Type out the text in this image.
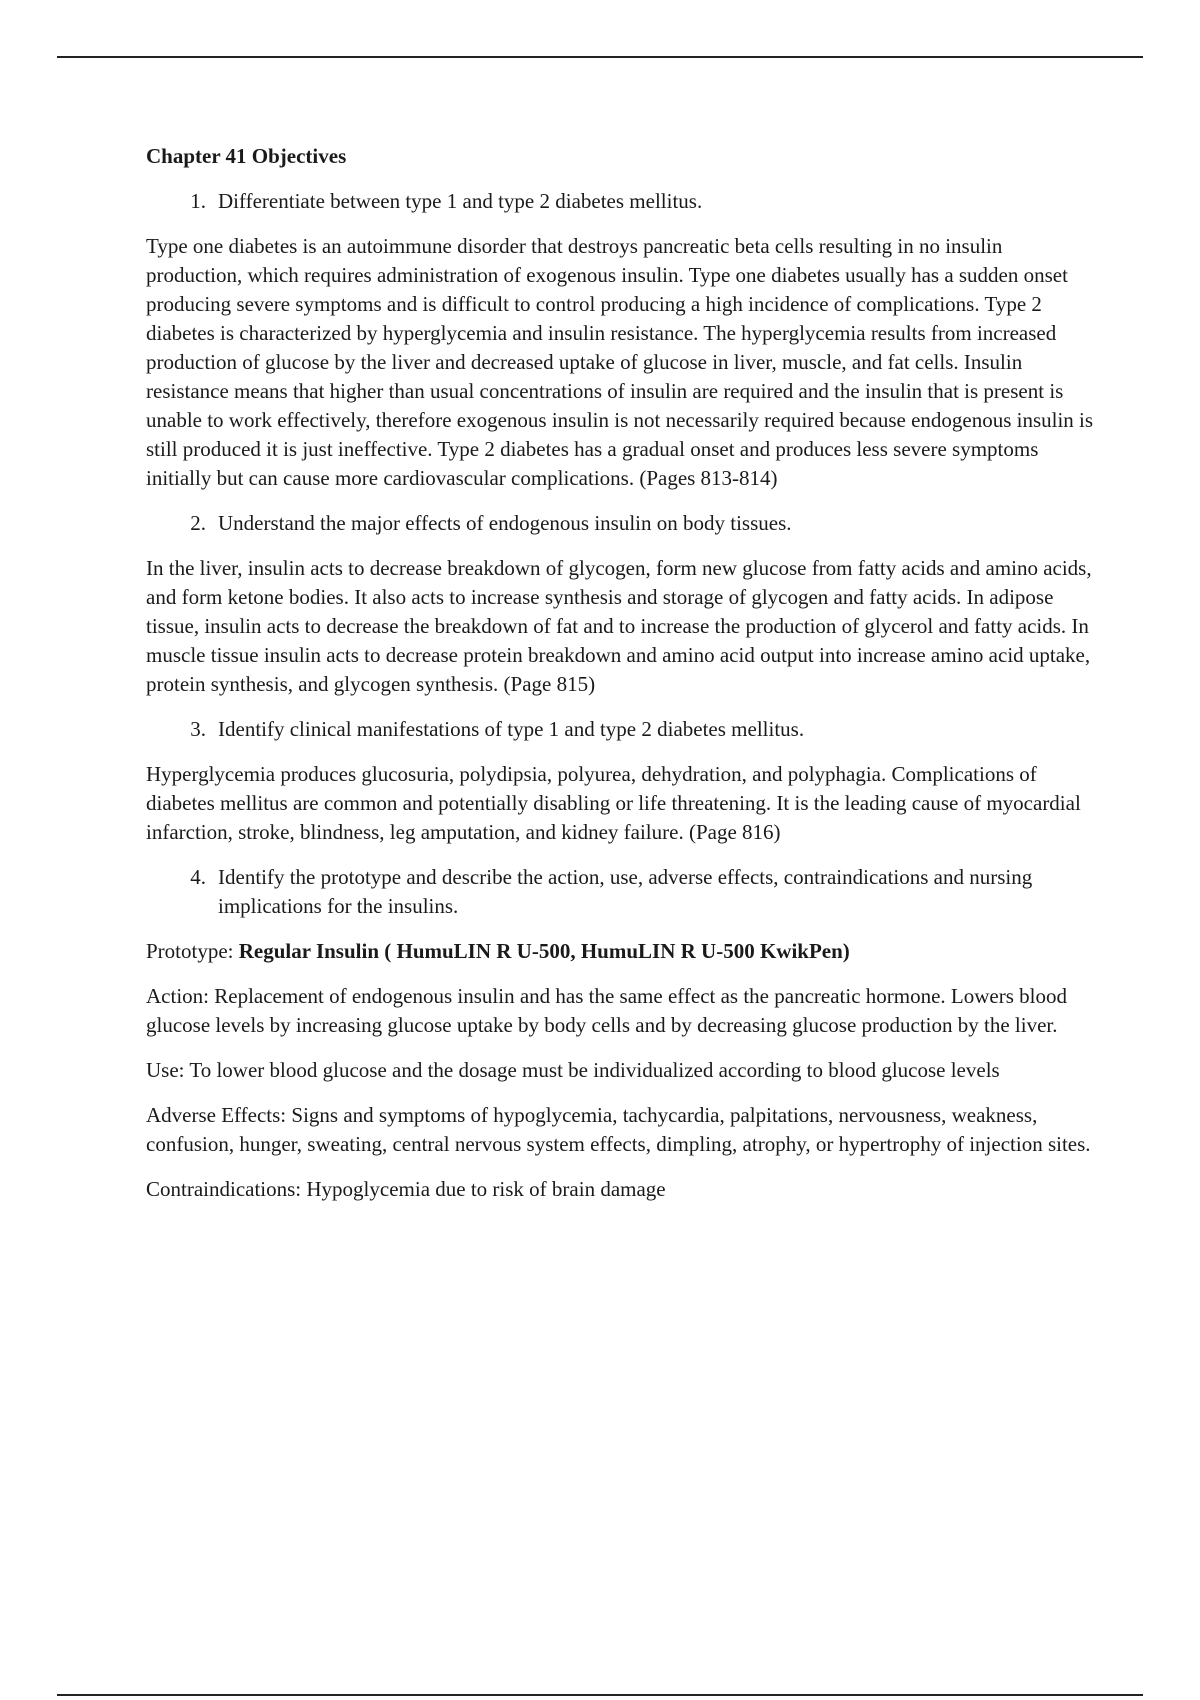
Chapter 41 Objectives

1. Differentiate between type 1 and type 2 diabetes mellitus.

Type one diabetes is an autoimmune disorder that destroys pancreatic beta cells resulting in no insulin production, which requires administration of exogenous insulin. Type one diabetes usually has a sudden onset producing severe symptoms and is difficult to control producing a high incidence of complications. Type 2 diabetes is characterized by hyperglycemia and insulin resistance. The hyperglycemia results from increased production of glucose by the liver and decreased uptake of glucose in liver, muscle, and fat cells. Insulin resistance means that higher than usual concentrations of insulin are required and the insulin that is present is unable to work effectively, therefore exogenous insulin is not necessarily required because endogenous insulin is still produced it is just ineffective. Type 2 diabetes has a gradual onset and produces less severe symptoms initially but can cause more cardiovascular complications. (Pages 813-814)

2. Understand the major effects of endogenous insulin on body tissues.

In the liver, insulin acts to decrease breakdown of glycogen, form new glucose from fatty acids and amino acids, and form ketone bodies. It also acts to increase synthesis and storage of glycogen and fatty acids. In adipose tissue, insulin acts to decrease the breakdown of fat and to increase the production of glycerol and fatty acids. In muscle tissue insulin acts to decrease protein breakdown and amino acid output into increase amino acid uptake, protein synthesis, and glycogen synthesis. (Page 815)

3. Identify clinical manifestations of type 1 and type 2 diabetes mellitus.

Hyperglycemia produces glucosuria, polydipsia, polyurea, dehydration, and polyphagia. Complications of diabetes mellitus are common and potentially disabling or life threatening. It is the leading cause of myocardial infarction, stroke, blindness, leg amputation, and kidney failure. (Page 816)

4. Identify the prototype and describe the action, use, adverse effects, contraindications and nursing implications for the insulins.

Prototype: Regular Insulin ( HumuLIN R U-500, HumuLIN R U-500 KwikPen)

Action: Replacement of endogenous insulin and has the same effect as the pancreatic hormone. Lowers blood glucose levels by increasing glucose uptake by body cells and by decreasing glucose production by the liver.

Use: To lower blood glucose and the dosage must be individualized according to blood glucose levels

Adverse Effects: Signs and symptoms of hypoglycemia, tachycardia, palpitations, nervousness, weakness, confusion, hunger, sweating, central nervous system effects, dimpling, atrophy, or hypertrophy of injection sites.

Contraindications: Hypoglycemia due to risk of brain damage
